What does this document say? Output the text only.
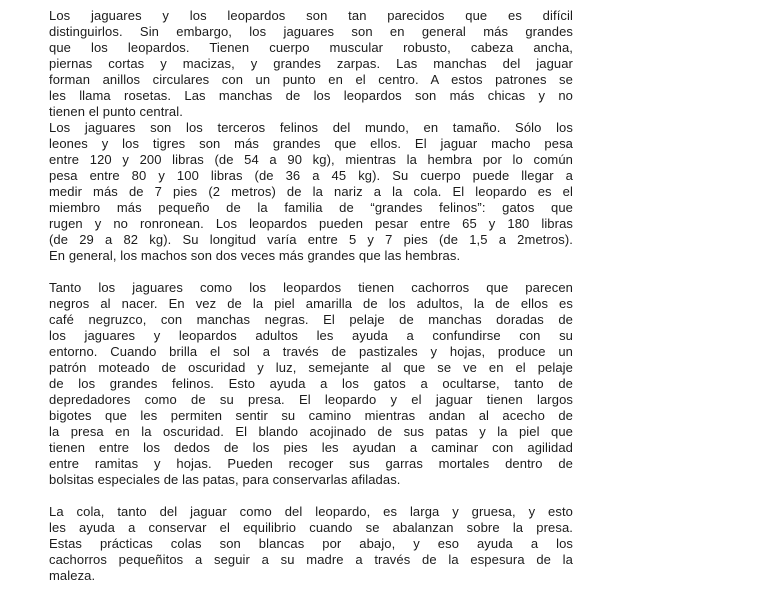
Los jaguares y los leopardos son tan parecidos que es difícil
distinguirlos. Sin embargo, los jaguares son en general más grandes
que los leopardos. Tienen cuerpo muscular robusto, cabeza ancha,
piernas cortas y macizas, y grandes zarpas. Las manchas del jaguar
forman anillos circulares con un punto en el centro. A estos patrones se
les llama rosetas. Las manchas de los leopardos son más chicas y no
tienen el punto central.
Los jaguares son los terceros felinos del mundo, en tamaño. Sólo los
leones y los tigres son más grandes que ellos. El jaguar macho pesa
entre 120 y 200 libras (de 54 a 90 kg), mientras la hembra por lo común
pesa entre 80 y 100 libras (de 36 a 45 kg). Su cuerpo puede llegar a
medir más de 7 pies (2 metros) de la nariz a la cola. El leopardo es el
miembro más pequeño de la familia de “grandes felinos”: gatos que
rugen y no ronronean. Los leopardos pueden pesar entre 65 y 180 libras
(de 29 a 82 kg). Su longitud varía entre 5 y 7 pies (de 1,5 a 2metros).
En general, los machos son dos veces más grandes que las hembras.
Tanto los jaguares como los leopardos tienen cachorros que parecen
negros al nacer. En vez de la piel amarilla de los adultos, la de ellos es
café negruzco, con manchas negras. El pelaje de manchas doradas de
los jaguares y leopardos adultos les ayuda a confundirse con su
entorno. Cuando brilla el sol a través de pastizales y hojas, produce un
patrón moteado de oscuridad y luz, semejante al que se ve en el pelaje
de los grandes felinos. Esto ayuda a los gatos a ocultarse, tanto de
depredadores como de su presa. El leopardo y el jaguar tienen largos
bigotes que les permiten sentir su camino mientras andan al acecho de
la presa en la oscuridad. El blando acojinado de sus patas y la piel que
tienen entre los dedos de los pies les ayudan a caminar con agilidad
entre ramitas y hojas. Pueden recoger sus garras mortales dentro de
bolsitas especiales de las patas, para conservarlas afiladas.
La cola, tanto del jaguar como del leopardo, es larga y gruesa, y esto
les ayuda a conservar el equilibrio cuando se abalanzan sobre la presa.
Estas prácticas colas son blancas por abajo, y eso ayuda a los
cachorros pequeñitos a seguir a su madre a través de la espesura de la
maleza.
